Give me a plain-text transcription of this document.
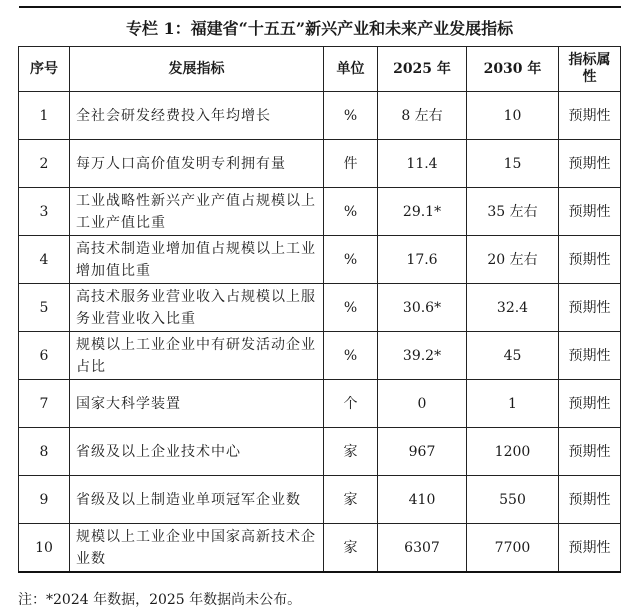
专栏 1：福建省“十五五”新兴产业和未来产业发展指标					
序号	发展指标	单位	2025 年	2030 年	指标属性
1	全社会研发经费投入年均增长	%	8 左右	10	预期性
2	每万人口高价值发明专利拥有量	件	11.4	15	预期性
3	工业战略性新兴产业产值占规模以上工业产值比重	%	29.1*	35 左右	预期性
4	高技术制造业增加值占规模以上工业增加值比重	%	17.6	20 左右	预期性
5	高技术服务业营业收入占规模以上服务业营业收入比重	%	30.6*	32.4	预期性
6	规模以上工业企业中有研发活动企业占比	%	39.2*	45	预期性
7	国家大科学装置	个	0	1	预期性
8	省级及以上企业技术中心	家	967	1200	预期性
9	省级及以上制造业单项冠军企业数	家	410	550	预期性
10	规模以上工业企业中国家高新技术企业数	家	6307	7700	预期性
注：*2024 年数据，2025 年数据尚未公布。
